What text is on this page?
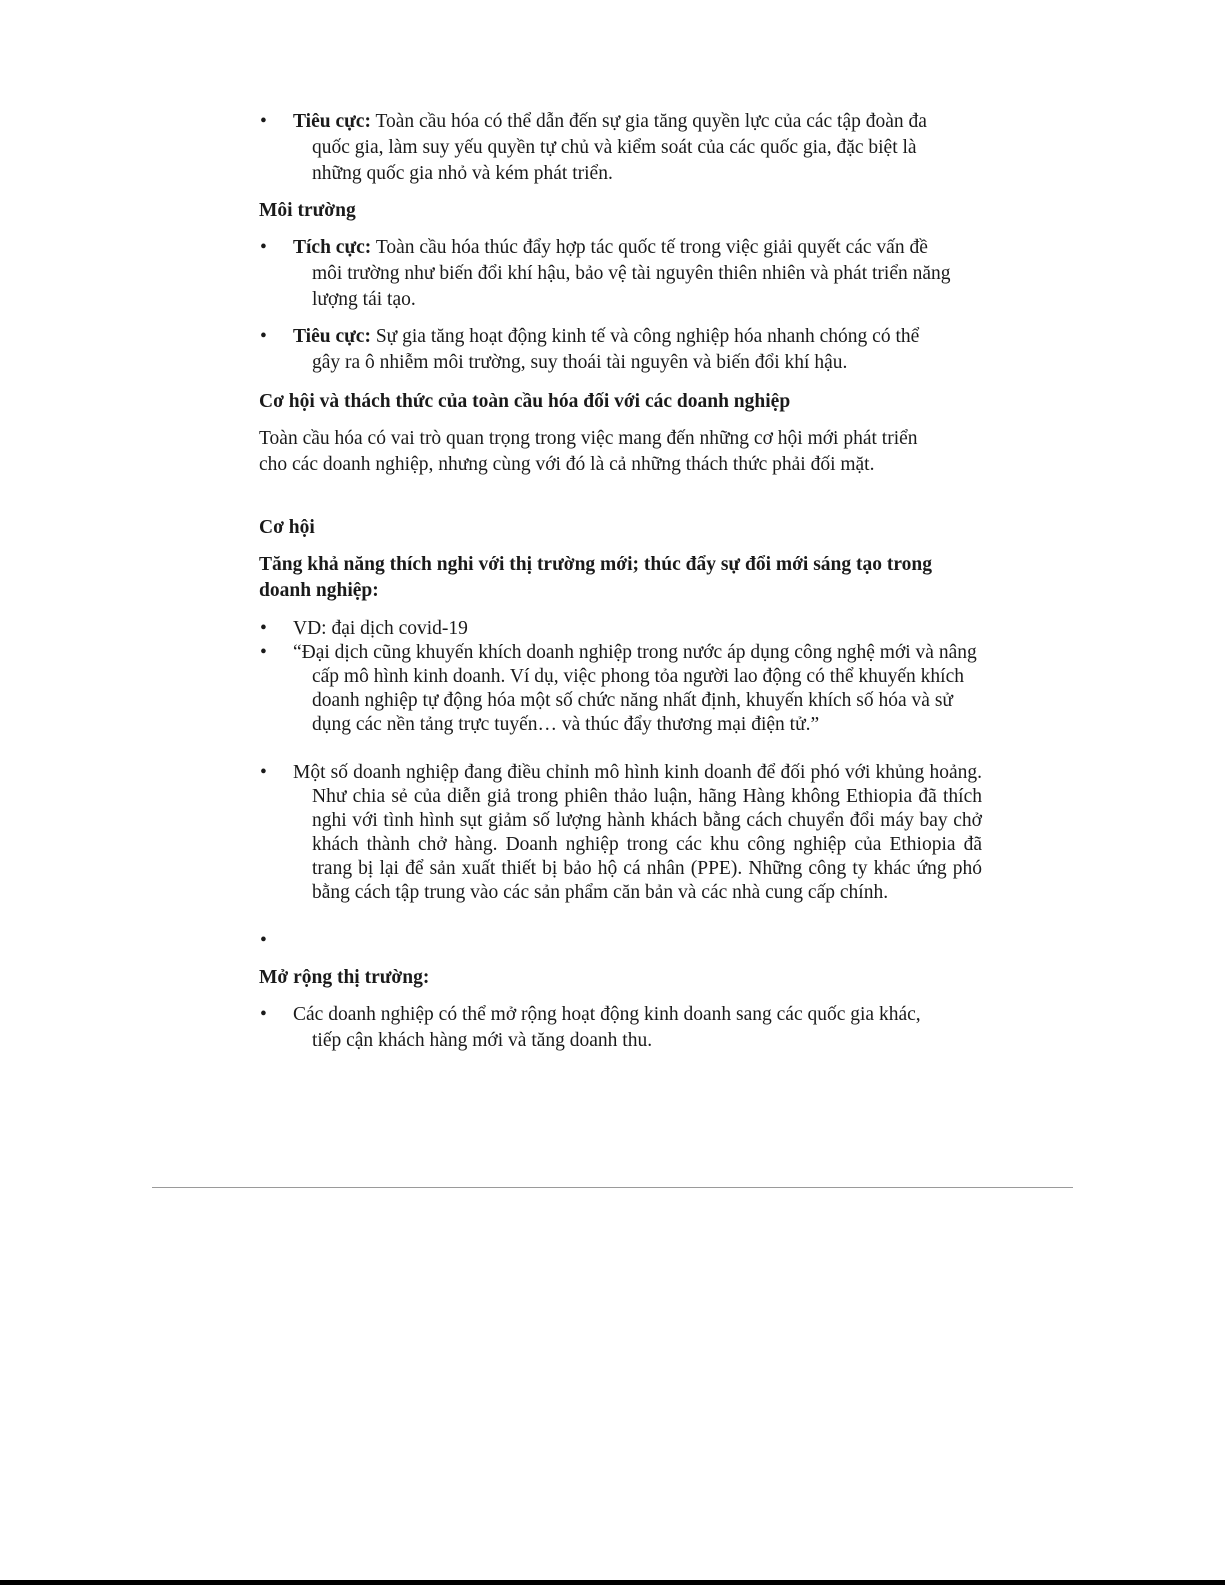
• Tiêu cực: Toàn cầu hóa có thể dẫn đến sự gia tăng quyền lực của các tập đoàn đa quốc gia, làm suy yếu quyền tự chủ và kiểm soát của các quốc gia, đặc biệt là những quốc gia nhỏ và kém phát triển.

Môi trường

• Tích cực: Toàn cầu hóa thúc đẩy hợp tác quốc tế trong việc giải quyết các vấn đề môi trường như biến đổi khí hậu, bảo vệ tài nguyên thiên nhiên và phát triển năng lượng tái tạo.

• Tiêu cực: Sự gia tăng hoạt động kinh tế và công nghiệp hóa nhanh chóng có thể gây ra ô nhiễm môi trường, suy thoái tài nguyên và biến đổi khí hậu.

Cơ hội và thách thức của toàn cầu hóa đối với các doanh nghiệp

Toàn cầu hóa có vai trò quan trọng trong việc mang đến những cơ hội mới phát triển cho các doanh nghiệp, nhưng cùng với đó là cả những thách thức phải đối mặt.

Cơ hội

Tăng khả năng thích nghi với thị trường mới; thúc đẩy sự đổi mới sáng tạo trong doanh nghiệp:

• VD: đại dịch covid-19

• “Đại dịch cũng khuyến khích doanh nghiệp trong nước áp dụng công nghệ mới và nâng cấp mô hình kinh doanh. Ví dụ, việc phong tỏa người lao động có thể khuyến khích doanh nghiệp tự động hóa một số chức năng nhất định, khuyến khích số hóa và sử dụng các nền tảng trực tuyến… và thúc đẩy thương mại điện tử.”

• Một số doanh nghiệp đang điều chỉnh mô hình kinh doanh để đối phó với khủng hoảng. Như chia sẻ của diễn giả trong phiên thảo luận, hãng Hàng không Ethiopia đã thích nghi với tình hình sụt giảm số lượng hành khách bằng cách chuyển đổi máy bay chở khách thành chở hàng. Doanh nghiệp trong các khu công nghiệp của Ethiopia đã trang bị lại để sản xuất thiết bị bảo hộ cá nhân (PPE). Những công ty khác ứng phó bằng cách tập trung vào các sản phẩm căn bản và các nhà cung cấp chính.

•

Mở rộng thị trường:

• Các doanh nghiệp có thể mở rộng hoạt động kinh doanh sang các quốc gia khác, tiếp cận khách hàng mới và tăng doanh thu.
